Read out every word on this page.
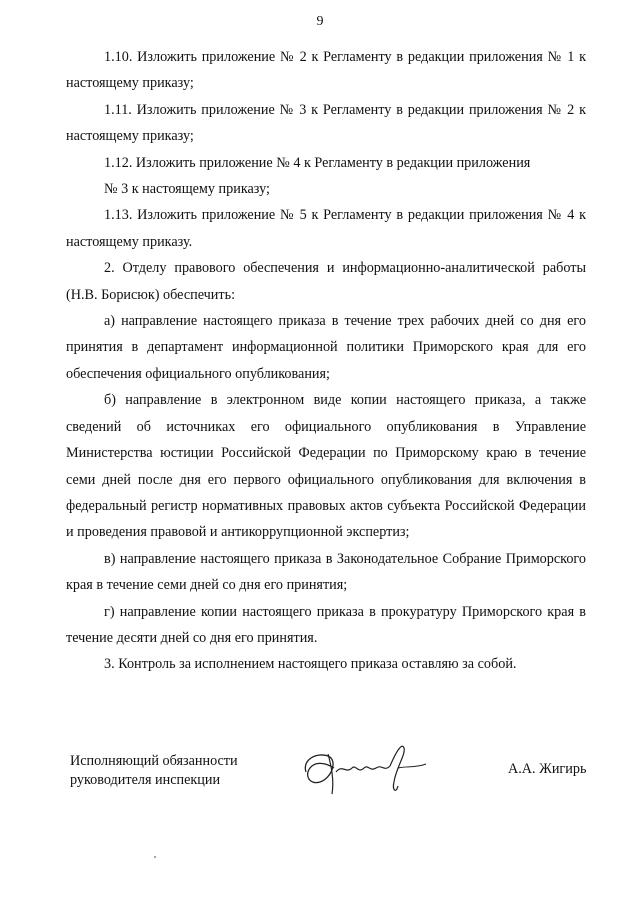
9

1.10. Изложить приложение № 2 к Регламенту в редакции приложения № 1 к настоящему приказу;

1.11. Изложить приложение № 3 к Регламенту в редакции приложения № 2 к настоящему приказу;

1.12. Изложить приложение № 4 к Регламенту в редакции приложения

№ 3 к настоящему приказу;

1.13. Изложить приложение № 5 к Регламенту в редакции приложения № 4 к настоящему приказу.

2. Отделу правового обеспечения и информационно-аналитической работы (Н.В. Борисюк) обеспечить:

а) направление настоящего приказа в течение трех рабочих дней со дня его принятия в департамент информационной политики Приморского края для его обеспечения официального опубликования;

б) направление в электронном виде копии настоящего приказа, а также сведений об источниках его официального опубликования в Управление Министерства юстиции Российской Федерации по Приморскому краю в течение семи дней после дня его первого официального опубликования для включения в федеральный регистр нормативных правовых актов субъекта Российской Федерации и проведения правовой и антикоррупционной экспертиз;

в) направление настоящего приказа в Законодательное Собрание Приморского края в течение семи дней со дня его принятия;

г) направление копии настоящего приказа в прокуратуру Приморского края в течение десяти дней со дня его принятия.

3. Контроль за исполнением настоящего приказа оставляю за собой.

Исполняющий обязанности
руководителя инспекции
А.А. Жигирь
